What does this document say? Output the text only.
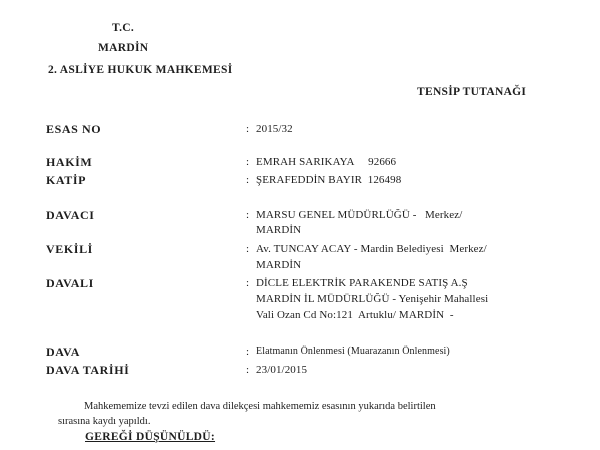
T.C.
MARDİN
2. ASLİYE HUKUK MAHKEMESİ
TENSİP TUTANAĞI
ESAS NO	: 2015/32
HAKİM	: EMRAH SARIKAYA     92666
KATİP	: ŞERAFEDDİN BAYIR  126498
DAVACI	: MARSU GENEL MÜDÜRLÜĞÜ -   Merkez/
MARDİN
VEKİLİ	: Av. TUNCAY ACAY - Mardin Belediyesi  Merkez/
MARDİN
DAVALI	: DİCLE ELEKTRİK PARAKENDE SATIŞ A.Ş
MARDİN İL MÜDÜRLÜĞÜ - Yenişehir Mahallesi
Vali Ozan Cd No:121  Artuklu/ MARDİN  -
DAVA	: Elatmanın Önlenmesi (Muarazanın Önlenmesi)
DAVA TARİHİ	: 23/01/2015
Mahkememize tevzi edilen dava dilekçesi mahkememiz esasının yukarıda belirtilen
sırasına kaydı yapıldı.
GEREĞİ DÜŞÜNÜLDÜ:
